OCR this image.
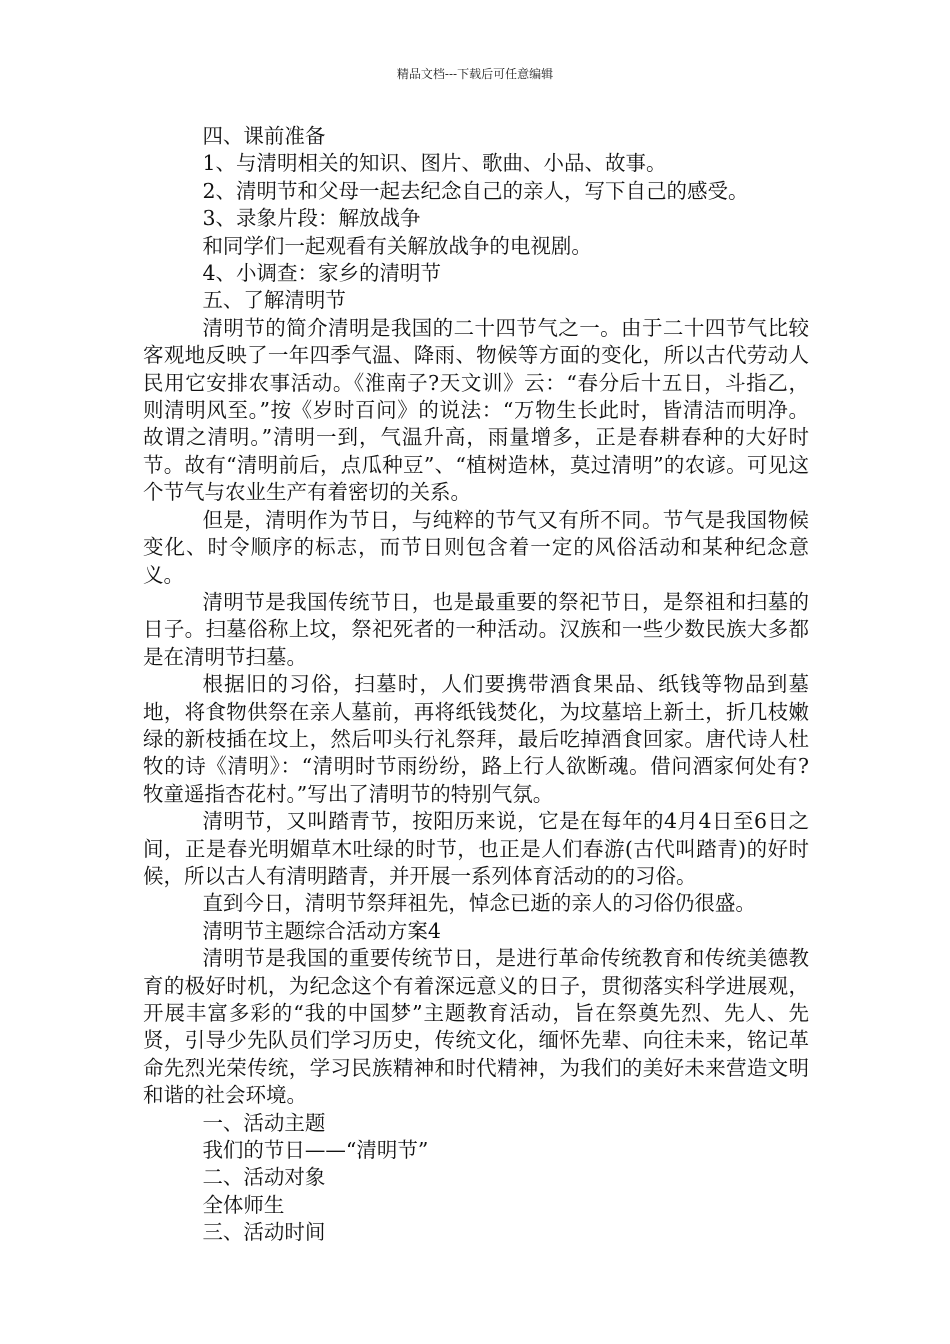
精品文档---下载后可任意编辑

四、课前准备

1、与清明相关的知识、图片、歌曲、小品、故事。

2、清明节和父母一起去纪念自己的亲人，写下自己的感受。

3、录象片段：解放战争

和同学们一起观看有关解放战争的电视剧。

4、小调查：家乡的清明节

五、了解清明节

清明节的简介清明是我国的二十四节气之一。由于二十四节气比较客观地反映了一年四季气温、降雨、物候等方面的变化，所以古代劳动人民用它安排农事活动。《淮南子?天文训》云：“春分后十五日，斗指乙，则清明风至。”按《岁时百问》的说法：“万物生长此时，皆清洁而明净。故谓之清明。”清明一到，气温升高，雨量增多，正是春耕春种的大好时节。故有“清明前后，点瓜种豆”、“植树造林，莫过清明”的农谚。可见这个节气与农业生产有着密切的关系。

但是，清明作为节日，与纯粹的节气又有所不同。节气是我国物候变化、时令顺序的标志，而节日则包含着一定的风俗活动和某种纪念意义。

清明节是我国传统节日，也是最重要的祭祀节日，是祭祖和扫墓的日子。扫墓俗称上坟，祭祀死者的一种活动。汉族和一些少数民族大多都是在清明节扫墓。

根据旧的习俗，扫墓时，人们要携带酒食果品、纸钱等物品到墓地，将食物供祭在亲人墓前，再将纸钱焚化，为坟墓培上新土，折几枝嫩绿的新枝插在坟上，然后叩头行礼祭拜，最后吃掉酒食回家。唐代诗人杜牧的诗《清明》：“清明时节雨纷纷，路上行人欲断魂。借问酒家何处有?牧童遥指杏花村。”写出了清明节的特别气氛。

清明节，又叫踏青节，按阳历来说，它是在每年的4月4日至6日之间，正是春光明媚草木吐绿的时节，也正是人们春游(古代叫踏青)的好时候，所以古人有清明踏青，并开展一系列体育活动的的习俗。

直到今日，清明节祭拜祖先，悼念已逝的亲人的习俗仍很盛。

清明节主题综合活动方案4

清明节是我国的重要传统节日，是进行革命传统教育和传统美德教育的极好时机，为纪念这个有着深远意义的日子，贯彻落实科学进展观，开展丰富多彩的“我的中国梦”主题教育活动，旨在祭奠先烈、先人、先贤，引导少先队员们学习历史，传统文化，缅怀先辈、向往未来，铭记革命先烈光荣传统，学习民族精神和时代精神，为我们的美好未来营造文明和谐的社会环境。

一、活动主题

我们的节日——“清明节”

二、活动对象

全体师生

三、活动时间
